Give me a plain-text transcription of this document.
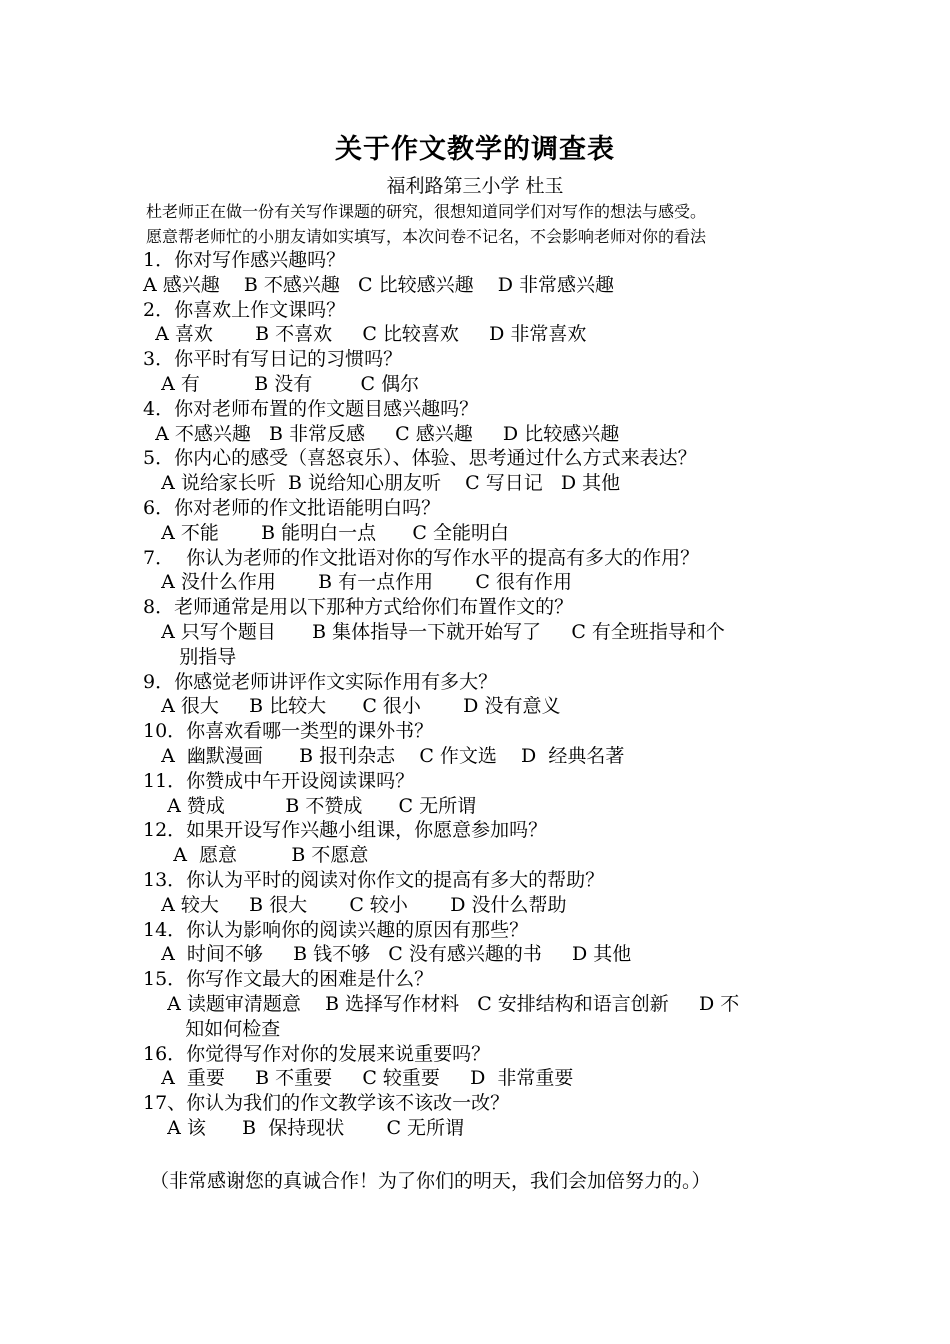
关于作文教学的调查表
福利路第三小学 杜玉
杜老师正在做一份有关写作课题的研究，很想知道同学们对写作的想法与感受。
愿意帮老师忙的小朋友请如实填写，本次问卷不记名，不会影响老师对你的看法
1．你对写作感兴趣吗？
A 感兴趣    B 不感兴趣   C 比较感兴趣    D 非常感兴趣
2．你喜欢上作文课吗？
A 喜欢       B 不喜欢     C 比较喜欢     D 非常喜欢
3．你平时有写日记的习惯吗？
A 有         B 没有        C 偶尔
4．你对老师布置的作文题目感兴趣吗？
A 不感兴趣   B 非常反感     C 感兴趣     D 比较感兴趣
5．你内心的感受（喜怒哀乐）、体验、思考通过什么方式来表达？
A 说给家长听  B 说给知心朋友听    C 写日记   D 其他
6．你对老师的作文批语能明白吗？
A 不能       B 能明白一点      C 全能明白
7．  你认为老师的作文批语对你的写作水平的提高有多大的作用？
A 没什么作用       B 有一点作用       C 很有作用
8．老师通常是用以下那种方式给你们布置作文的？
A 只写个题目      B 集体指导一下就开始写了     C 有全班指导和个
别指导
9．你感觉老师讲评作文实际作用有多大？
A 很大     B 比较大      C 很小       D 没有意义
10．你喜欢看哪一类型的课外书？
A  幽默漫画      B 报刊杂志    C 作文选    D  经典名著
11．你赞成中午开设阅读课吗？
A 赞成          B 不赞成      C 无所谓
12．如果开设写作兴趣小组课，你愿意参加吗？
A  愿意         B 不愿意
13．你认为平时的阅读对你作文的提高有多大的帮助？
A 较大     B 很大       C 较小       D 没什么帮助
14．你认为影响你的阅读兴趣的原因有那些？
A  时间不够     B 钱不够   C 没有感兴趣的书     D 其他
15．你写作文最大的困难是什么？
A 读题审清题意    B 选择写作材料   C 安排结构和语言创新     D 不
知如何检查
16．你觉得写作对你的发展来说重要吗？
A  重要     B 不重要     C 较重要     D  非常重要
17、你认为我们的作文教学该不该改一改？
A 该      B  保持现状       C 无所谓
（非常感谢您的真诚合作！为了你们的明天，我们会加倍努力的。）
